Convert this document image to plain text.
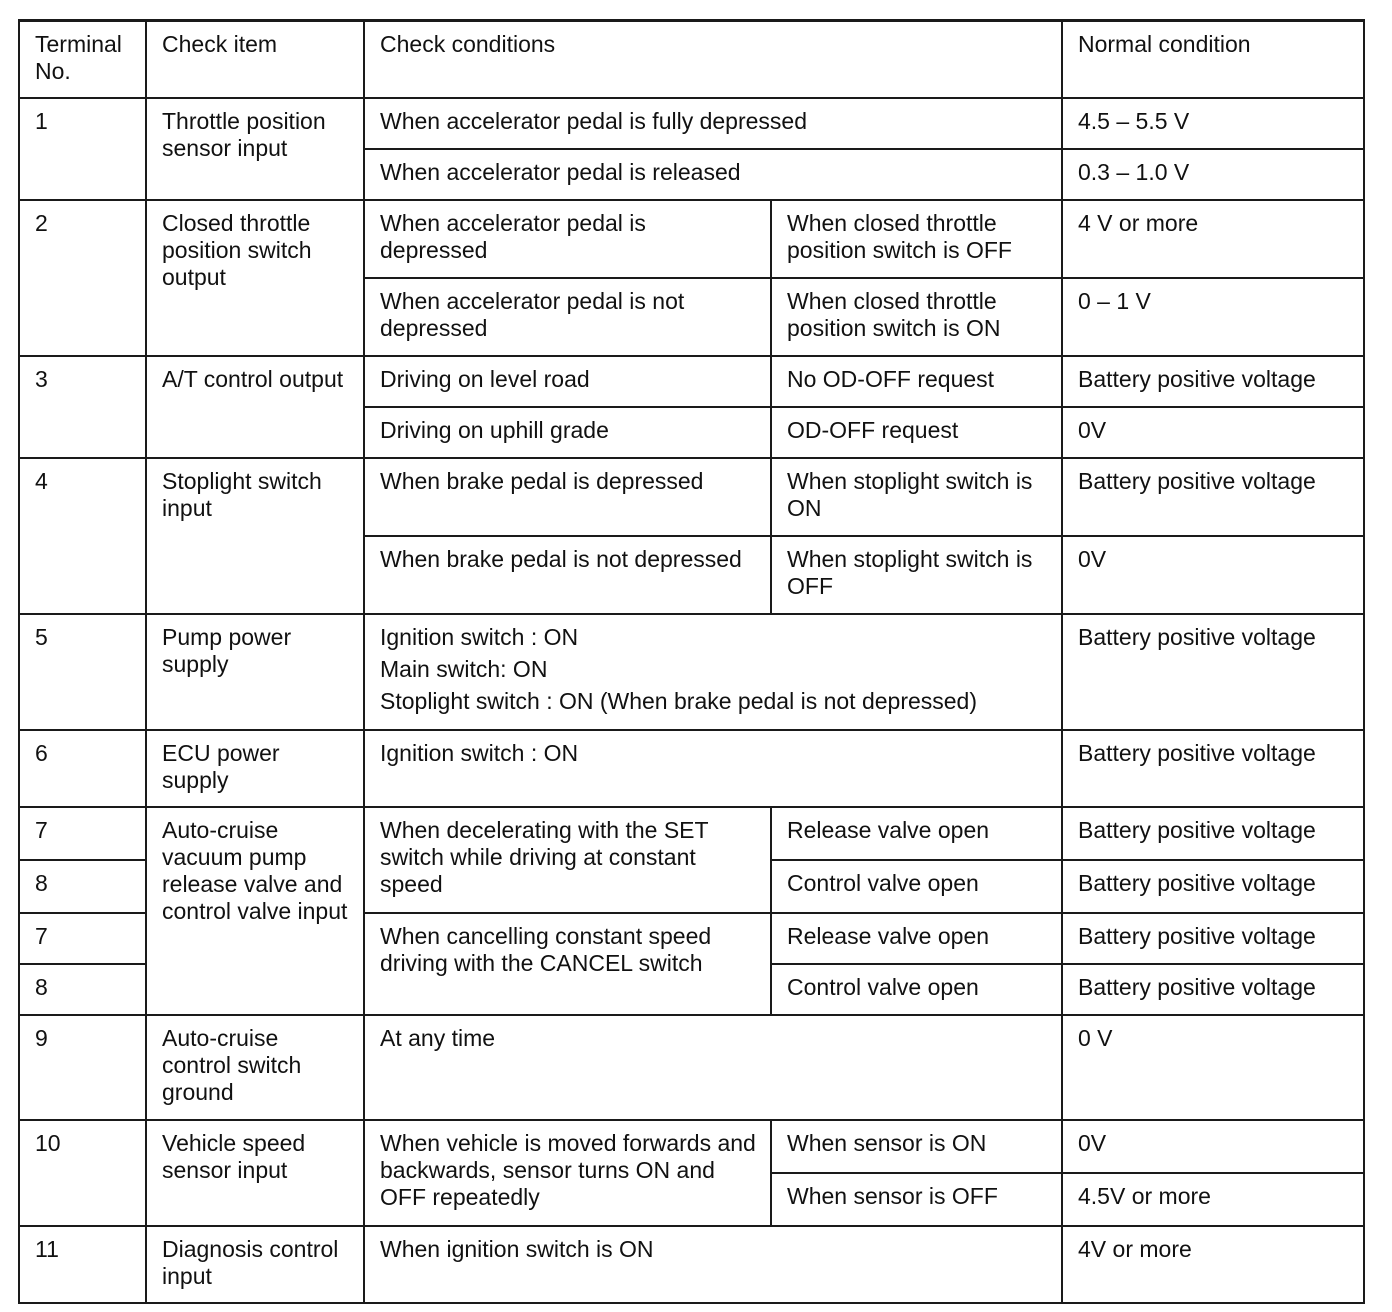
Terminal
No.	Check item	Check conditions		Normal condition
1	Throttle position sensor input	When accelerator pedal is fully depressed		4.5 – 5.5 V
		When accelerator pedal is released		0.3 – 1.0 V
2	Closed throttle position switch output	When accelerator pedal is depressed	When closed throttle position switch is OFF	4 V or more
		When accelerator pedal is not depressed	When closed throttle position switch is ON	0 – 1 V
3	A/T control output	Driving on level road	No OD-OFF request	Battery positive voltage
		Driving on uphill grade	OD-OFF request	0V
4	Stoplight switch input	When brake pedal is depressed	When stoplight switch is ON	Battery positive voltage
		When brake pedal is not depressed	When stoplight switch is OFF	0V
5	Pump power supply	Ignition switch : ON
Main switch: ON
Stoplight switch : ON (When brake pedal is not depressed)		Battery positive voltage
6	ECU power supply	Ignition switch : ON		Battery positive voltage
7	Auto-cruise vacuum pump release valve and control valve input	When decelerating with the SET switch while driving at constant speed	Release valve open	Battery positive voltage
8			Control valve open	Battery positive voltage
7		When cancelling constant speed driving with the CANCEL switch	Release valve open	Battery positive voltage
8			Control valve open	Battery positive voltage
9	Auto-cruise control switch ground	At any time		0 V
10	Vehicle speed sensor input	When vehicle is moved forwards and backwards, sensor turns ON and OFF repeatedly	When sensor is ON	0V
			When sensor is OFF	4.5V or more
11	Diagnosis control input	When ignition switch is ON		4V or more
